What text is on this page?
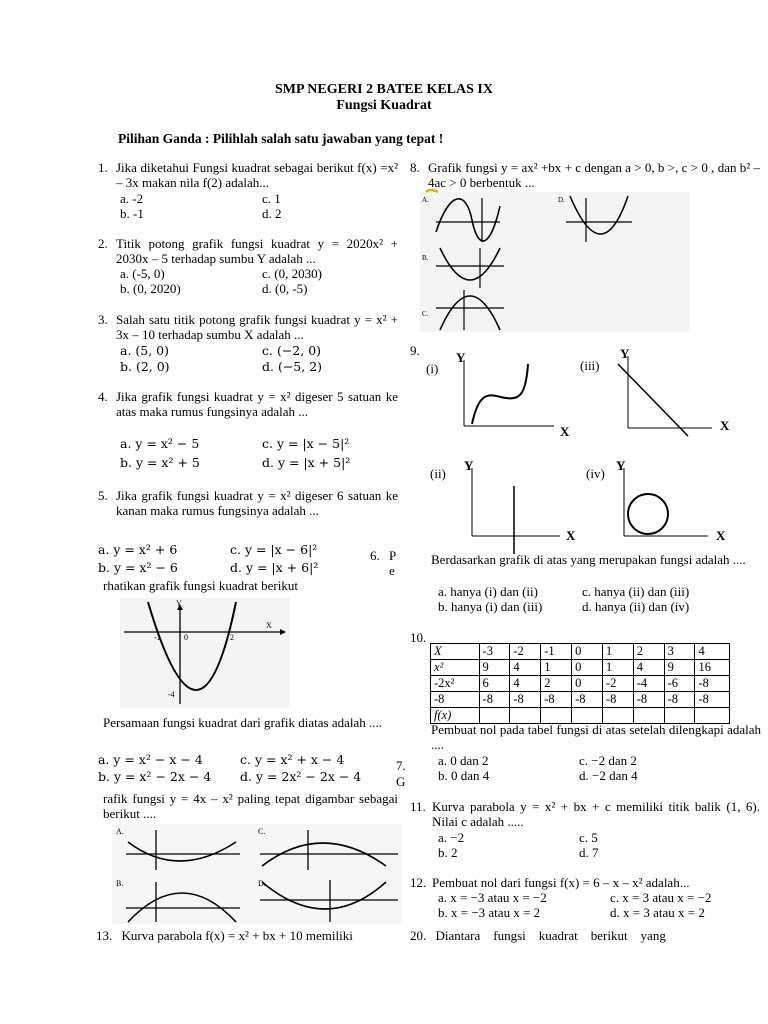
SMP NEGERI 2 BATEE KELAS IX
Fungsi Kuadrat
Pilihan Ganda : Pilihlah salah satu jawaban yang tepat !
1. Jika diketahui Fungsi kuadrat sebagai berikut f(x) =x² – 3x makan nila f(2) adalah...
a. -2
b. -1
c. 1
d. 2
2. Titik potong grafik fungsi kuadrat y = 2020x² + 2030x – 5 terhadap sumbu Y adalah ...
a. (-5, 0)
b. (0, 2020)
c. (0, 2030)
d. (0, -5)
3. Salah satu titik potong grafik fungsi kuadrat y = x² + 3x – 10 terhadap sumbu X adalah ...
a. (5, 0)
b. (2, 0)
c. (−2, 0)
d. (−5, 2)
4. Jika grafik fungsi kuadrat y = x² digeser 5 satuan ke atas maka rumus fungsinya adalah ...
a. y = x² − 5
b. y = x² + 5
c. y = |x − 5|²
d. y = |x + 5|²
5. Jika grafik fungsi kuadrat y = x² digeser 6 satuan ke kanan maka rumus fungsinya adalah ...
a. y = x² + 6
b. y = x² − 6
c. y = |x − 6|²
d. y = |x + 6|²
6. P
e
rhatikan grafik fungsi kuadrat berikut
Y
X
-1	0	2
-4
Persamaan fungsi kuadrat dari grafik diatas adalah ....
a. y = x² − x − 4
b. y = x² − 2x − 4
c. y = x² + x − 4
d. y = 2x² − 2x − 4
7.
G
rafik fungsi y = 4x – x² paling tepat digambar sebagai berikut ....
A.	C.
B.	D.
13. Kurva parabola f(x) = x² + bx + 10 memiliki
8. Grafik fungsi y = ax² +bx + c dengan a > 0, b >, c > 0 , dan b² – 4ac > 0 berbentuk ...
A.	D.
B.
C.
9.
(i)
Y
X
(iii)
Y
X
(ii)
Y
X
(iv)
Y
X
Berdasarkan grafik di atas yang merupakan fungsi adalah ....
a. hanya (i) dan (ii)
b. hanya (i) dan (iii)
c. hanya (ii) dan (iii)
d. hanya (ii) dan (iv)
10.
X	-3	-2	-1	0	1	2	3	4
x²	9	4	1	0	1	4	9	16
-2x²	6	4	2	0	-2	-4	-6	-8
-8	-8	-8	-8	-8	-8	-8	-8	-8
f(x)								
Pembuat nol pada tabel fungsi di atas setelah dilengkapi adalah ....
a. 0 dan 2
b. 0 dan 4
c. −2 dan 2
d. −2 dan 4
11. Kurva parabola y = x² + bx + c memiliki titik balik (1, 6). Nilai c adalah .....
a. −2
b. 2
c. 5
d. 7
12. Pembuat nol dari fungsi f(x) = 6 – x – x² adalah...
a. x = −3 atau x = −2
b. x = −3 atau x = 2
c. x = 3 atau x = −2
d. x = 3 atau x = 2
20. Diantara    fungsi    kuadrat    berikut    yang
